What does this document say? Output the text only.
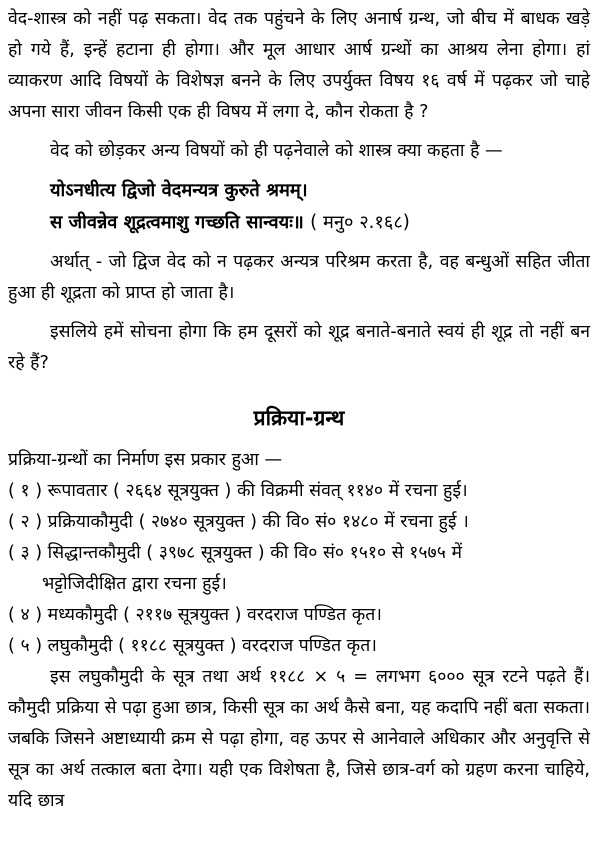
वेद-शास्त्र को नहीं पढ़ सकता। वेद तक पहुंचने के लिए अनार्ष ग्रन्थ, जो बीच में बाधक खड़े हो गये हैं, इन्हें हटाना ही होगा। और मूल आधार आर्ष ग्रन्थों का आश्रय लेना होगा। हां व्याकरण आदि विषयों के विशेषज्ञ बनने के लिए उपर्युक्त विषय १६ वर्ष में पढ़कर जो चाहे अपना सारा जीवन किसी एक ही विषय में लगा दे, कौन रोकता है ?

वेद को छोड़कर अन्य विषयों को ही पढ़नेवाले को शास्त्र क्या कहता है —

योऽनधीत्य द्विजो वेदमन्यत्र कुरुते श्रमम्।
स जीवन्नेव शूद्रत्वमाशु गच्छति सान्वयः॥ ( मनु० २.१६८)

अर्थात् - जो द्विज वेद को न पढ़कर अन्यत्र परिश्रम करता है, वह बन्धुओं सहित जीता हुआ ही शूद्रता को प्राप्त हो जाता है।

इसलिये हमें सोचना होगा कि हम दूसरों को शूद्र बनाते-बनाते स्वयं ही शूद्र तो नहीं बन रहे हैं?

प्रक्रिया-ग्रन्थ

प्रक्रिया-ग्रन्थों का निर्माण इस प्रकार हुआ —

( १ ) रूपावतार ( २६६४ सूत्रयुक्त ) की विक्रमी संवत् ११४० में रचना हुई।
( २ ) प्रक्रियाकौमुदी ( २७४० सूत्रयुक्त ) की वि० सं० १४८० में रचना हुई ।
( ३ ) सिद्धान्तकौमुदी ( ३९७८ सूत्रयुक्त ) की वि० सं० १५१० से १५७५ में
भट्टोजिदीक्षित द्वारा रचना हुई।
( ४ ) मध्यकौमुदी ( २११७ सूत्रयुक्त ) वरदराज पण्डित कृत।
( ५ ) लघुकौमुदी ( ११८८ सूत्रयुक्त ) वरदराज पण्डित कृत।

इस लघुकौमुदी के सूत्र तथा अर्थ ११८८ × ५ = लगभग ६००० सूत्र रटने पढ़ते हैं। कौमुदी प्रक्रिया से पढ़ा हुआ छात्र, किसी सूत्र का अर्थ कैसे बना, यह कदापि नहीं बता सकता। जबकि जिसने अष्टाध्यायी क्रम से पढ़ा होगा, वह ऊपर से आनेवाले अधिकार और अनुवृत्ति से सूत्र का अर्थ तत्काल बता देगा। यही एक विशेषता है, जिसे छात्र-वर्ग को ग्रहण करना चाहिये, यदि छात्र
